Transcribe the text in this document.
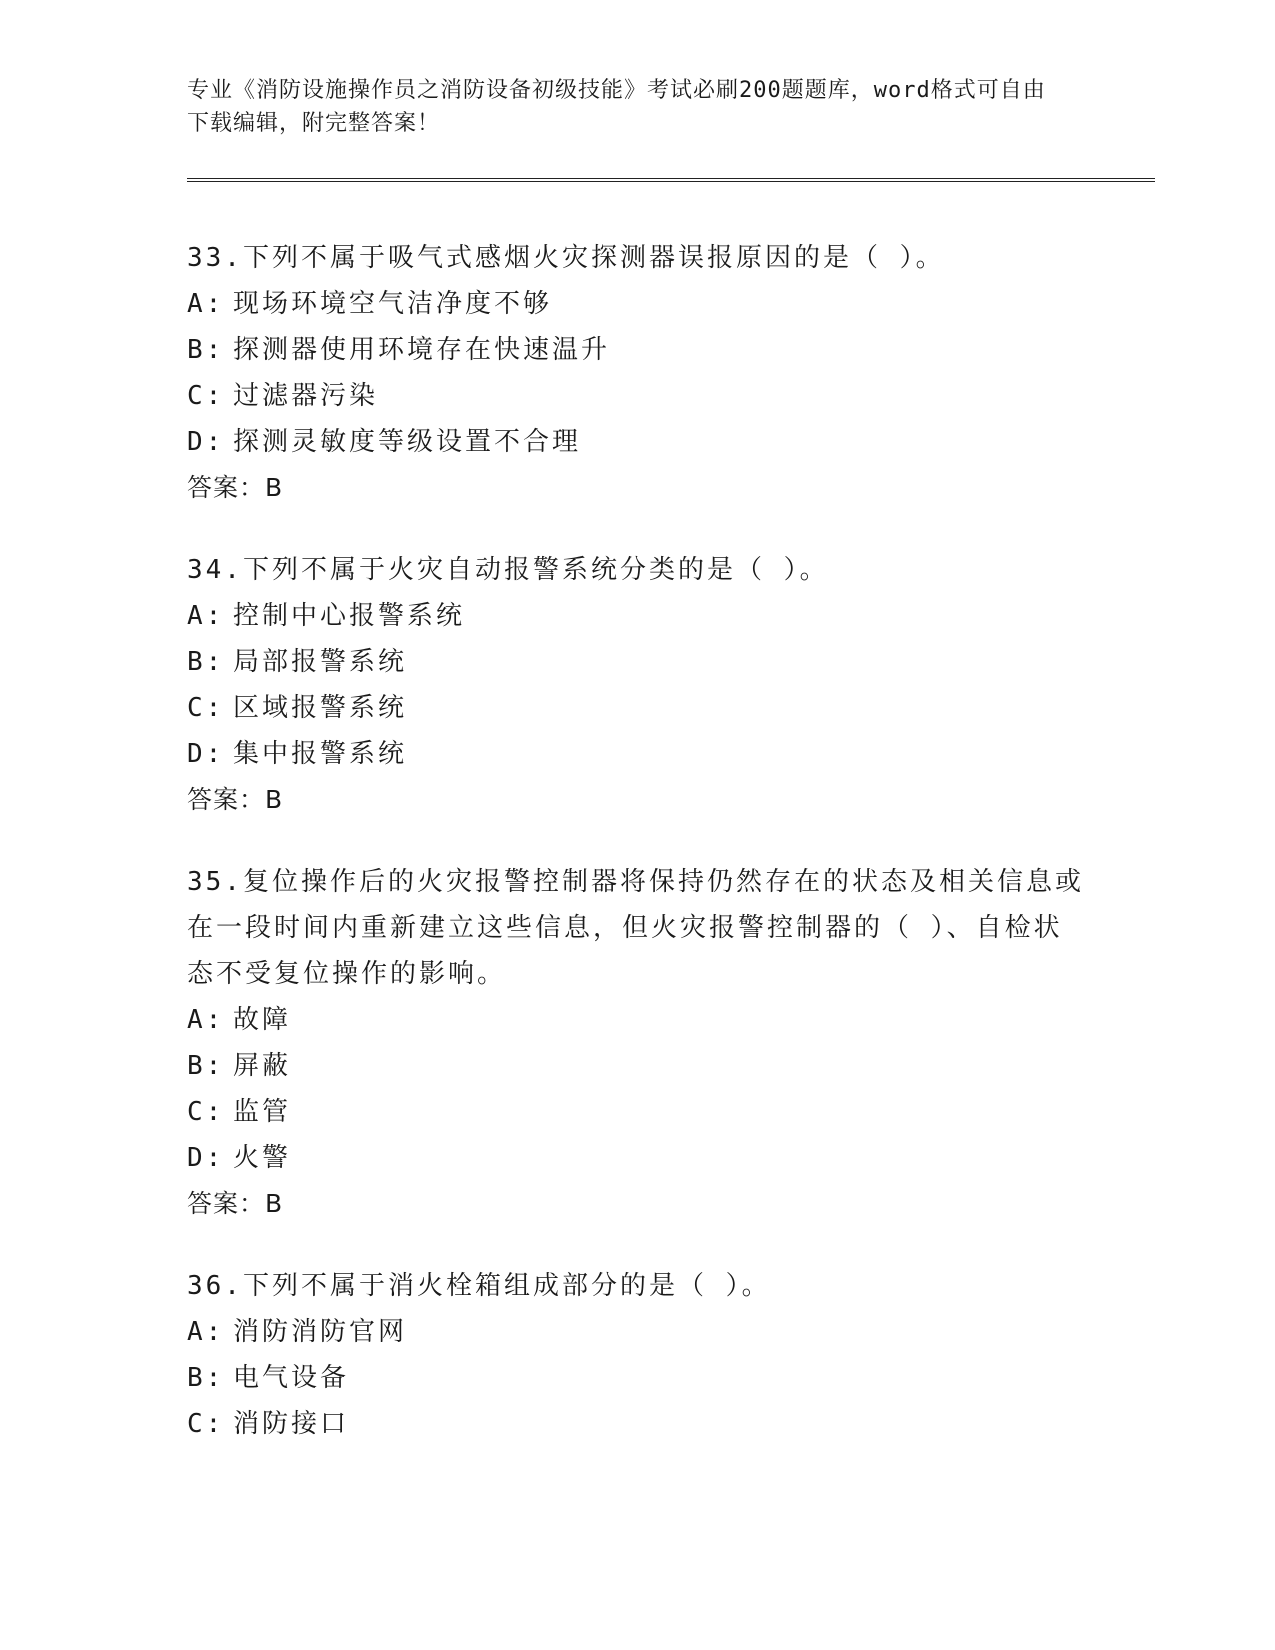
专业《消防设施操作员之消防设备初级技能》考试必刷200题题库，word格式可自由下载编辑，附完整答案！

33.下列不属于吸气式感烟火灾探测器误报原因的是（ ）。

A: 现场环境空气洁净度不够

B: 探测器使用环境存在快速温升

C: 过滤器污染

D: 探测灵敏度等级设置不合理

答案：B

34.下列不属于火灾自动报警系统分类的是（ ）。

A: 控制中心报警系统

B: 局部报警系统

C: 区域报警系统

D: 集中报警系统

答案：B

35.复位操作后的火灾报警控制器将保持仍然存在的状态及相关信息或在一段时间内重新建立这些信息，但火灾报警控制器的（ ）、自检状态不受复位操作的影响。

A: 故障

B: 屏蔽

C: 监管

D: 火警

答案：B

36.下列不属于消火栓箱组成部分的是（ ）。

A: 消防消防官网

B: 电气设备

C: 消防接口
